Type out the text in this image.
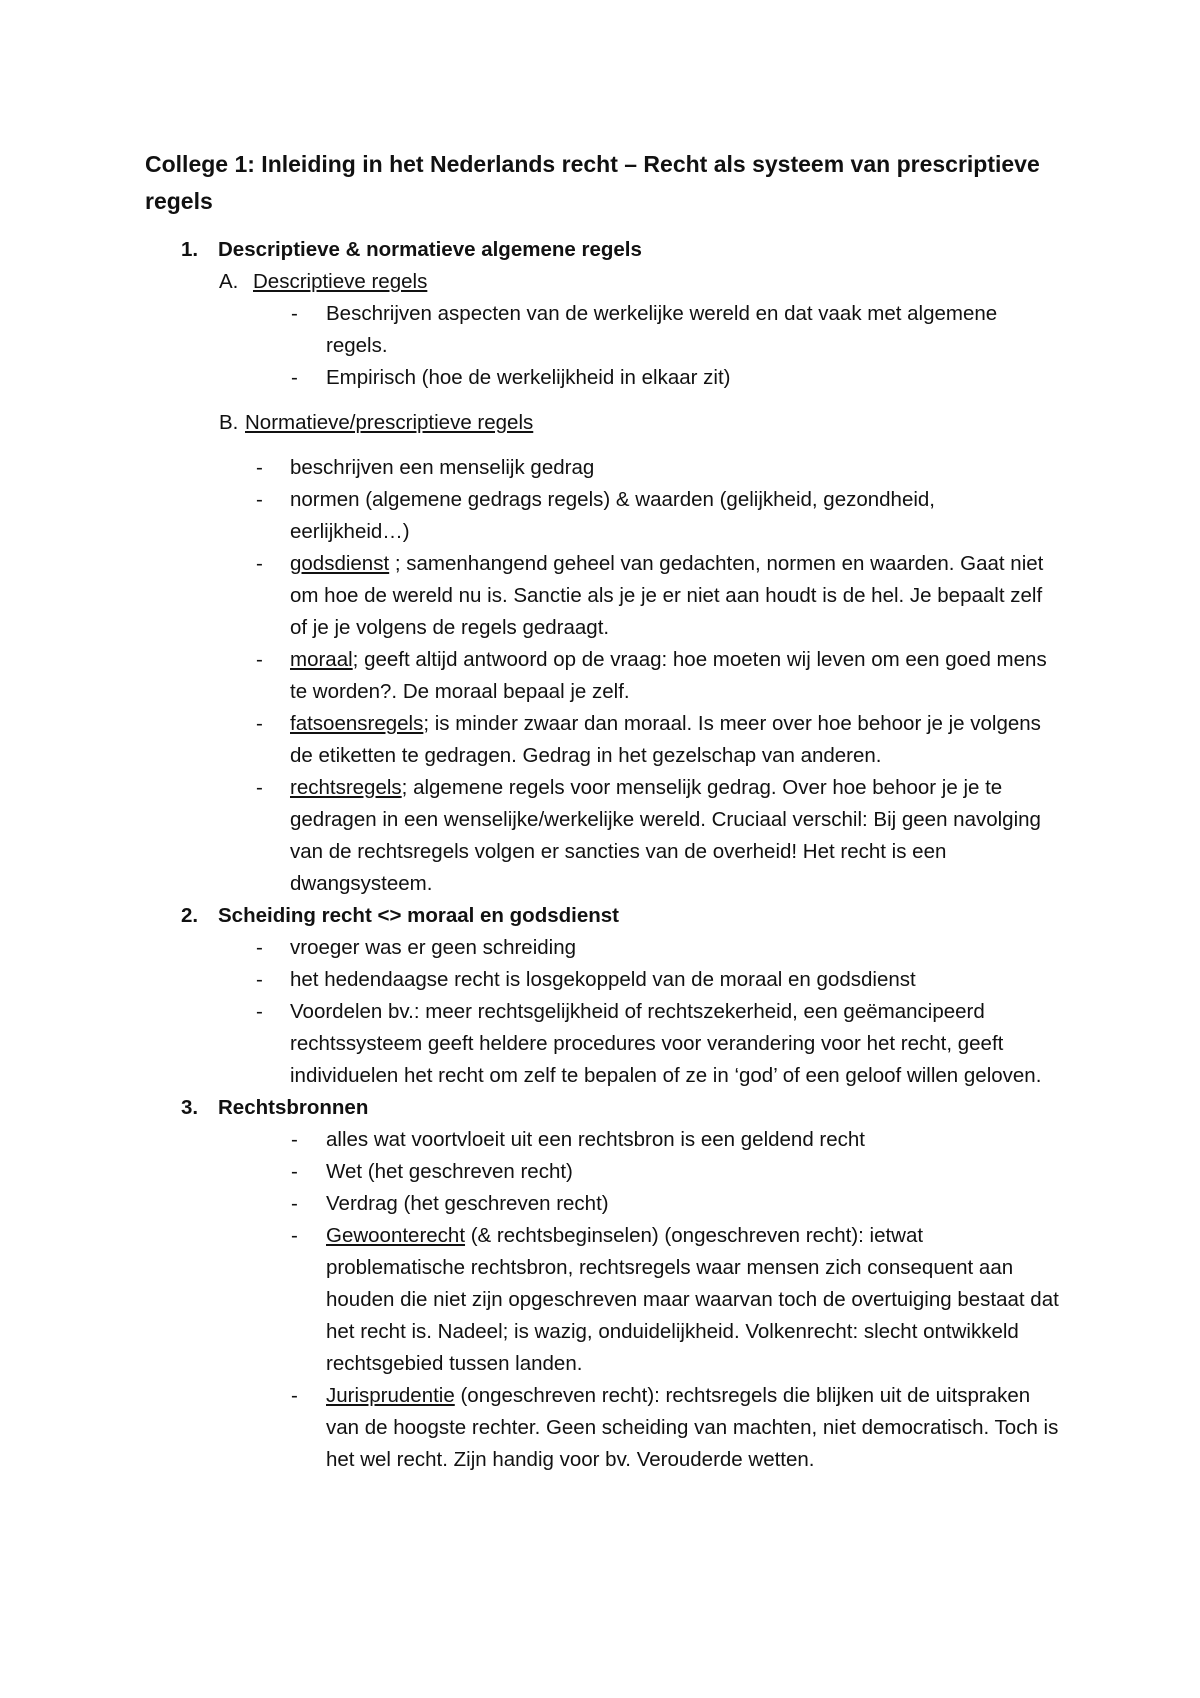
College 1: Inleiding in het Nederlands recht – Recht als systeem van prescriptieve regels
1. Descriptieve & normatieve algemene regels
A. Descriptieve regels
- Beschrijven aspecten van de werkelijke wereld en dat vaak met algemene regels.
- Empirisch (hoe de werkelijkheid in elkaar zit)
B. Normatieve/prescriptieve regels
- beschrijven een menselijk gedrag
- normen (algemene gedrags regels) & waarden (gelijkheid, gezondheid, eerlijkheid…)
- godsdienst ; samenhangend geheel van gedachten, normen en waarden. Gaat niet om hoe de wereld nu is. Sanctie als je je er niet aan houdt is de hel. Je bepaalt zelf of je je volgens de regels gedraagt.
- moraal; geeft altijd antwoord op de vraag: hoe moeten wij leven om een goed mens te worden?. De moraal bepaal je zelf.
- fatsoensregels; is minder zwaar dan moraal. Is meer over hoe behoor je je volgens de etiketten te gedragen. Gedrag in het gezelschap van anderen.
- rechtsregels; algemene regels voor menselijk gedrag. Over hoe behoor je je te gedragen in een wenselijke/werkelijke wereld. Cruciaal verschil: Bij geen navolging van de rechtsregels volgen er sancties van de overheid! Het recht is een dwangsysteem.
2. Scheiding recht <> moraal en godsdienst
- vroeger was er geen schreiding
- het hedendaagse recht is losgekoppeld van de moraal en godsdienst
- Voordelen bv.: meer rechtsgelijkheid of rechtszekerheid, een geëmancipeerd rechtssysteem geeft heldere procedures voor verandering voor het recht, geeft individuelen het recht om zelf te bepalen of ze in ‘god’ of een geloof willen geloven.
3. Rechtsbronnen
- alles wat voortvloeit uit een rechtsbron is een geldend recht
- Wet (het geschreven recht)
- Verdrag (het geschreven recht)
- Gewoonterecht (& rechtsbeginselen) (ongeschreven recht): ietwat problematische rechtsbron, rechtsregels waar mensen zich consequent aan houden die niet zijn opgeschreven maar waarvan toch de overtuiging bestaat dat het recht is. Nadeel; is wazig, onduidelijkheid. Volkenrecht: slecht ontwikkeld rechtsgebied tussen landen.
- Jurisprudentie (ongeschreven recht): rechtsregels die blijken uit de uitspraken van de hoogste rechter. Geen scheiding van machten, niet democratisch. Toch is het wel recht. Zijn handig voor bv. Verouderde wetten.
